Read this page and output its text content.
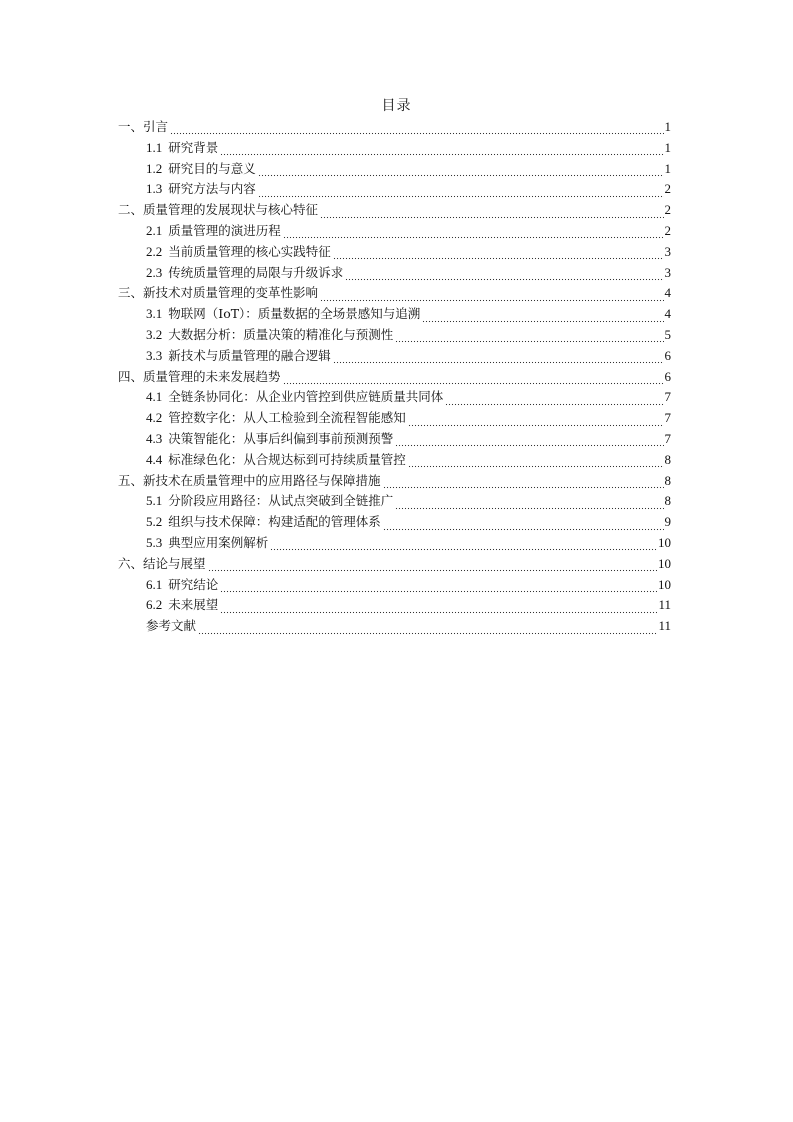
目录
一、引言	1
1.1 研究背景	1
1.2 研究目的与意义	1
1.3 研究方法与内容	2
二、质量管理的发展现状与核心特征	2
2.1 质量管理的演进历程	2
2.2 当前质量管理的核心实践特征	3
2.3 传统质量管理的局限与升级诉求	3
三、新技术对质量管理的变革性影响	4
3.1 物联网（IoT）：质量数据的全场景感知与追溯	4
3.2 大数据分析：质量决策的精准化与预测性	5
3.3 新技术与质量管理的融合逻辑	6
四、质量管理的未来发展趋势	6
4.1 全链条协同化：从企业内管控到供应链质量共同体	7
4.2 管控数字化：从人工检验到全流程智能感知	7
4.3 决策智能化：从事后纠偏到事前预测预警	7
4.4 标准绿色化：从合规达标到可持续质量管控	8
五、新技术在质量管理中的应用路径与保障措施	8
5.1 分阶段应用路径：从试点突破到全链推广	8
5.2 组织与技术保障：构建适配的管理体系	9
5.3 典型应用案例解析	10
六、结论与展望	10
6.1 研究结论	10
6.2 未来展望	11
参考文献	11
